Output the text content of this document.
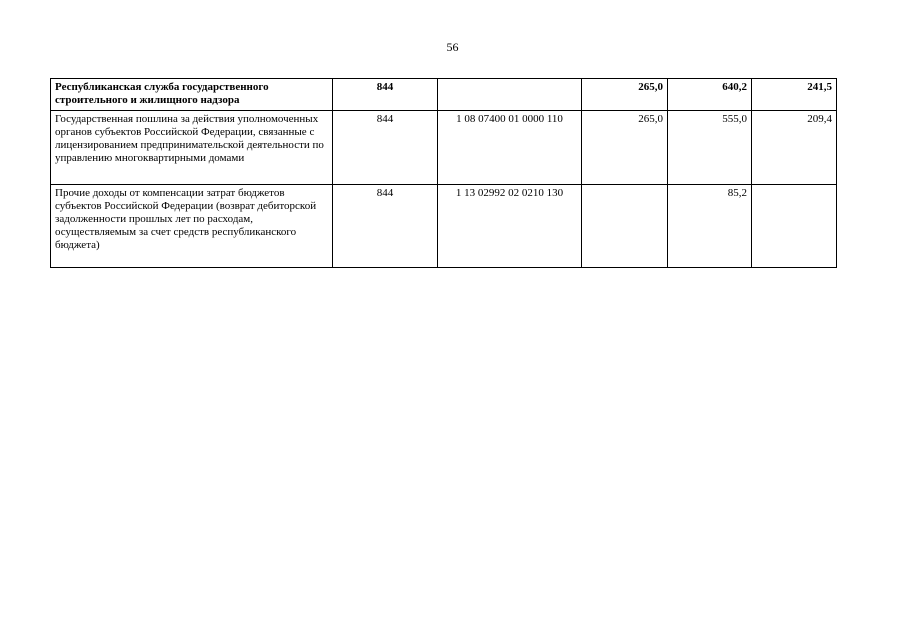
56
Республиканская служба государственного строительного и жилищного надзора	844		265,0	640,2	241,5
Государственная пошлина за действия уполномоченных органов субъектов Российской Федерации, связанные с лицензированием предпринимательской деятельности по управлению многоквартирными домами	844	1 08 07400 01 0000 110	265,0	555,0	209,4
Прочие доходы от компенсации затрат бюджетов субъектов Российской Федерации (возврат дебиторской задолженности прошлых лет по расходам, осуществляемым за счет средств республиканского бюджета)	844	1 13 02992 02 0210 130		85,2	
